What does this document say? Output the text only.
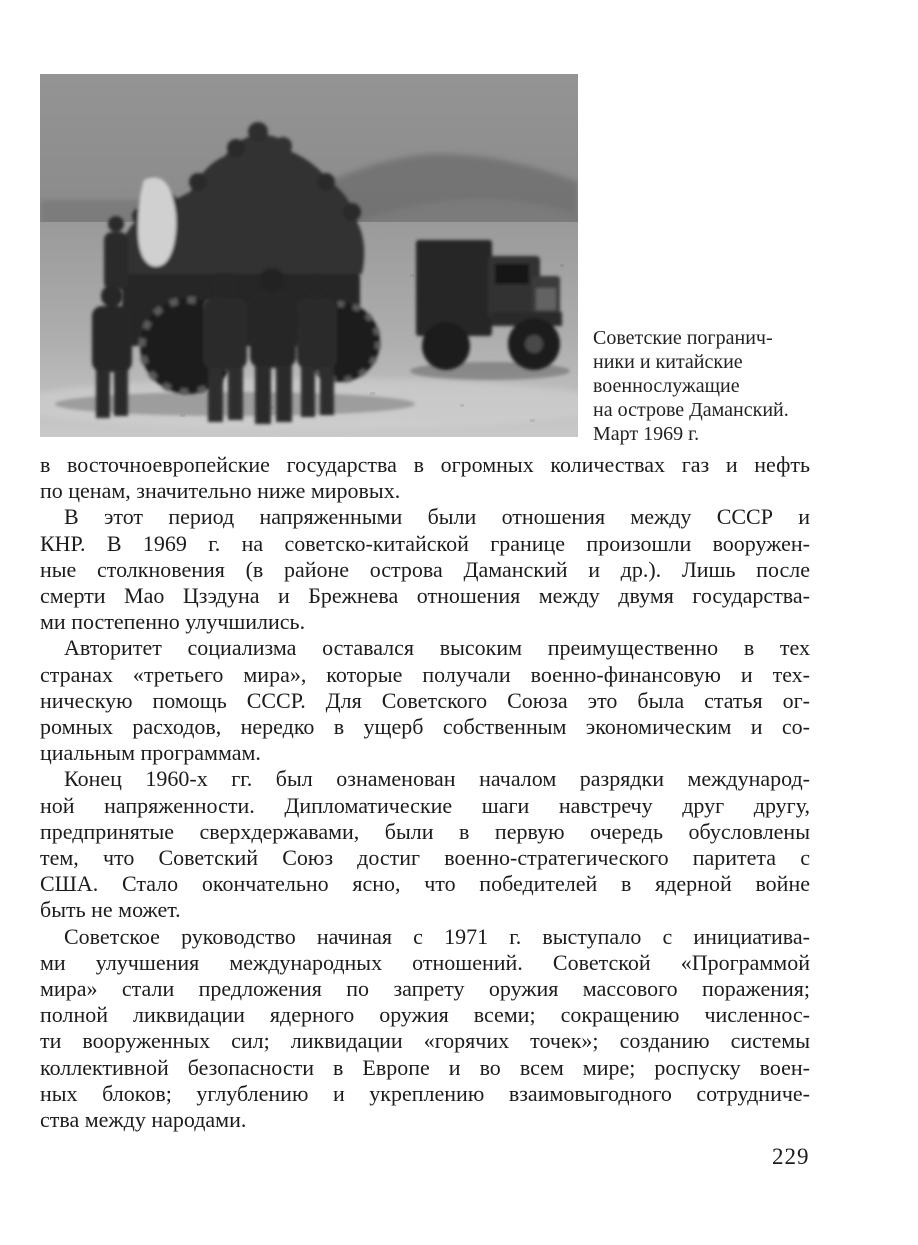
Советские погранич-
ники и китайские
военнослужащие
на острове Даманский.
Март 1969 г.
в восточноевропейские государства в огромных количествах газ и нефть
по ценам, значительно ниже мировых.
В этот период напряженными были отношения между СССР и
КНР. В 1969 г. на советско-китайской границе произошли вооружен-
ные столкновения (в районе острова Даманский и др.). Лишь после
смерти Мао Цзэдуна и Брежнева отношения между двумя государства-
ми постепенно улучшились.
Авторитет социализма оставался высоким преимущественно в тех
странах «третьего мира», которые получали военно-финансовую и тех-
ническую помощь СССР. Для Советского Союза это была статья ог-
ромных расходов, нередко в ущерб собственным экономическим и со-
циальным программам.
Конец 1960-х гг. был ознаменован началом разрядки международ-
ной напряженности. Дипломатические шаги навстречу друг другу,
предпринятые сверхдержавами, были в первую очередь обусловлены
тем, что Советский Союз достиг военно-стратегического паритета с
США. Стало окончательно ясно, что победителей в ядерной войне
быть не может.
Советское руководство начиная с 1971 г. выступало с инициатива-
ми улучшения международных отношений. Советской «Программой
мира» стали предложения по запрету оружия массового поражения;
полной ликвидации ядерного оружия всеми; сокращению численнос-
ти вооруженных сил; ликвидации «горячих точек»; созданию системы
коллективной безопасности в Европе и во всем мире; роспуску воен-
ных блоков; углублению и укреплению взаимовыгодного сотрудниче-
ства между народами.
229
